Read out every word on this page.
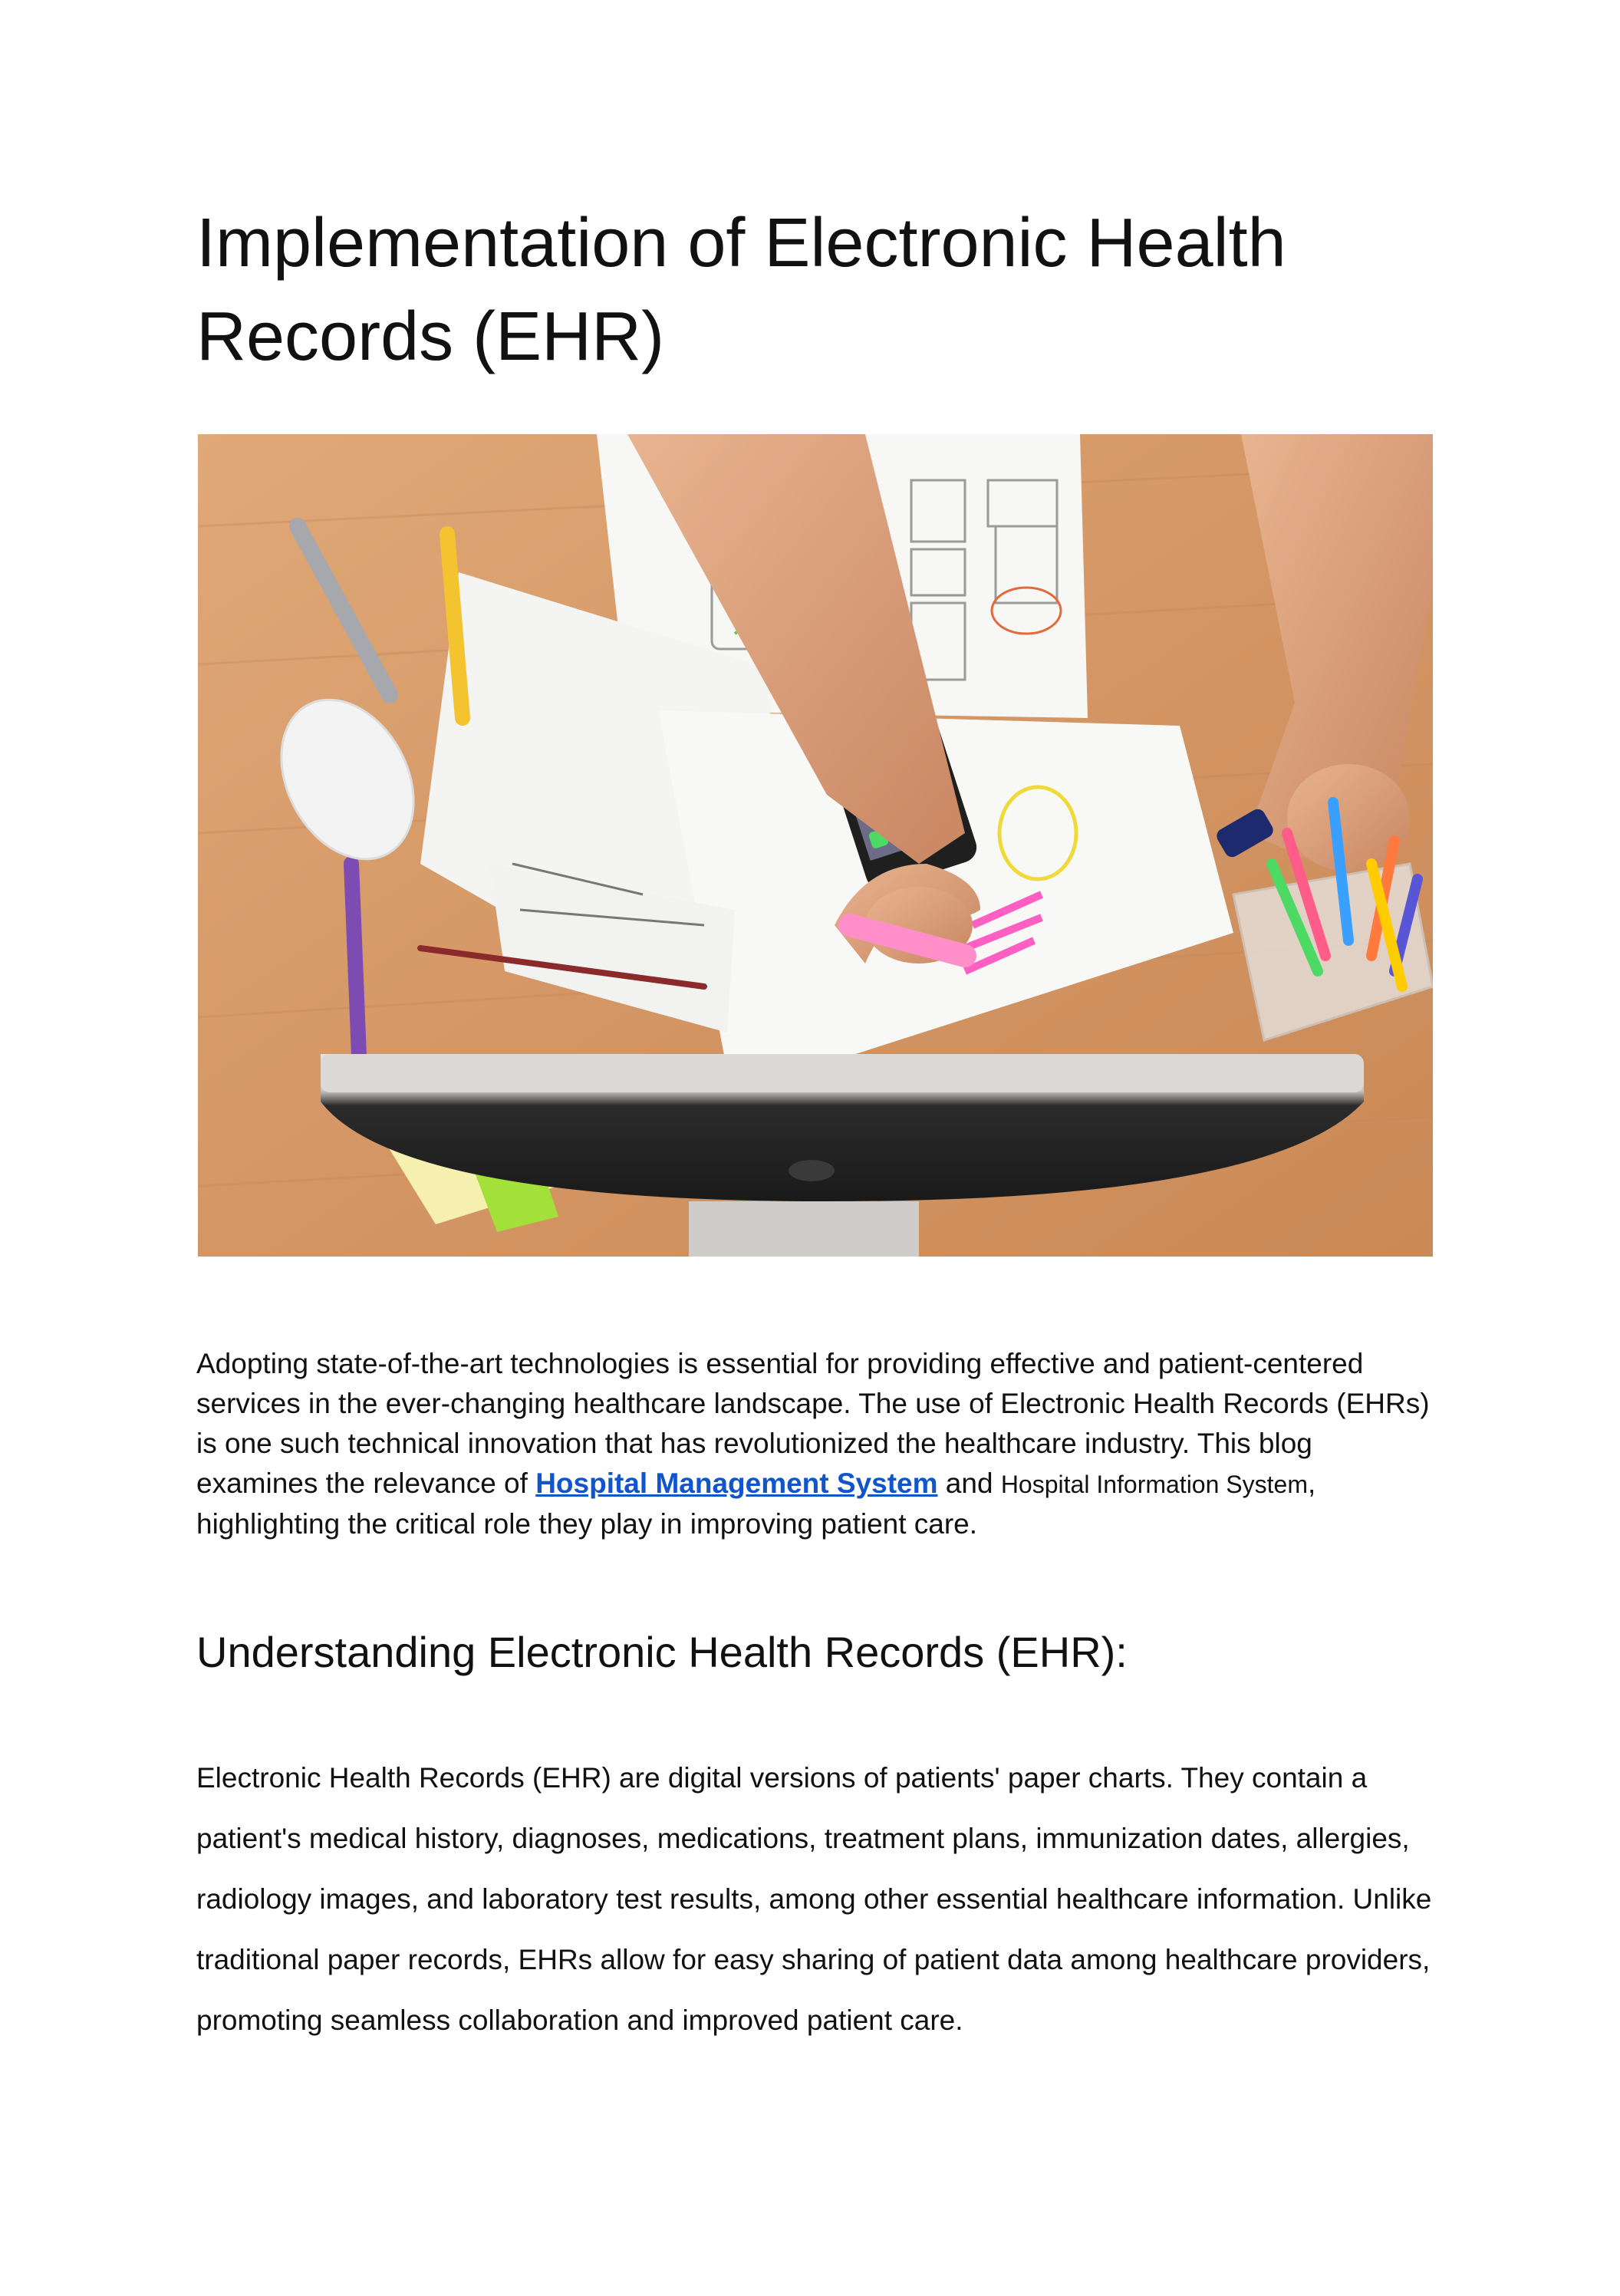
Implementation of Electronic Health Records (EHR)

Adopting state-of-the-art technologies is essential for providing effective and patient-centered services in the ever-changing healthcare landscape. The use of Electronic Health Records (EHRs) is one such technical innovation that has revolutionized the healthcare industry. This blog examines the relevance of Hospital Management System and Hospital Information System, highlighting the critical role they play in improving patient care.

Understanding Electronic Health Records (EHR):

Electronic Health Records (EHR) are digital versions of patients' paper charts. They contain a patient's medical history, diagnoses, medications, treatment plans, immunization dates, allergies, radiology images, and laboratory test results, among other essential healthcare information. Unlike traditional paper records, EHRs allow for easy sharing of patient data among healthcare providers, promoting seamless collaboration and improved patient care.
